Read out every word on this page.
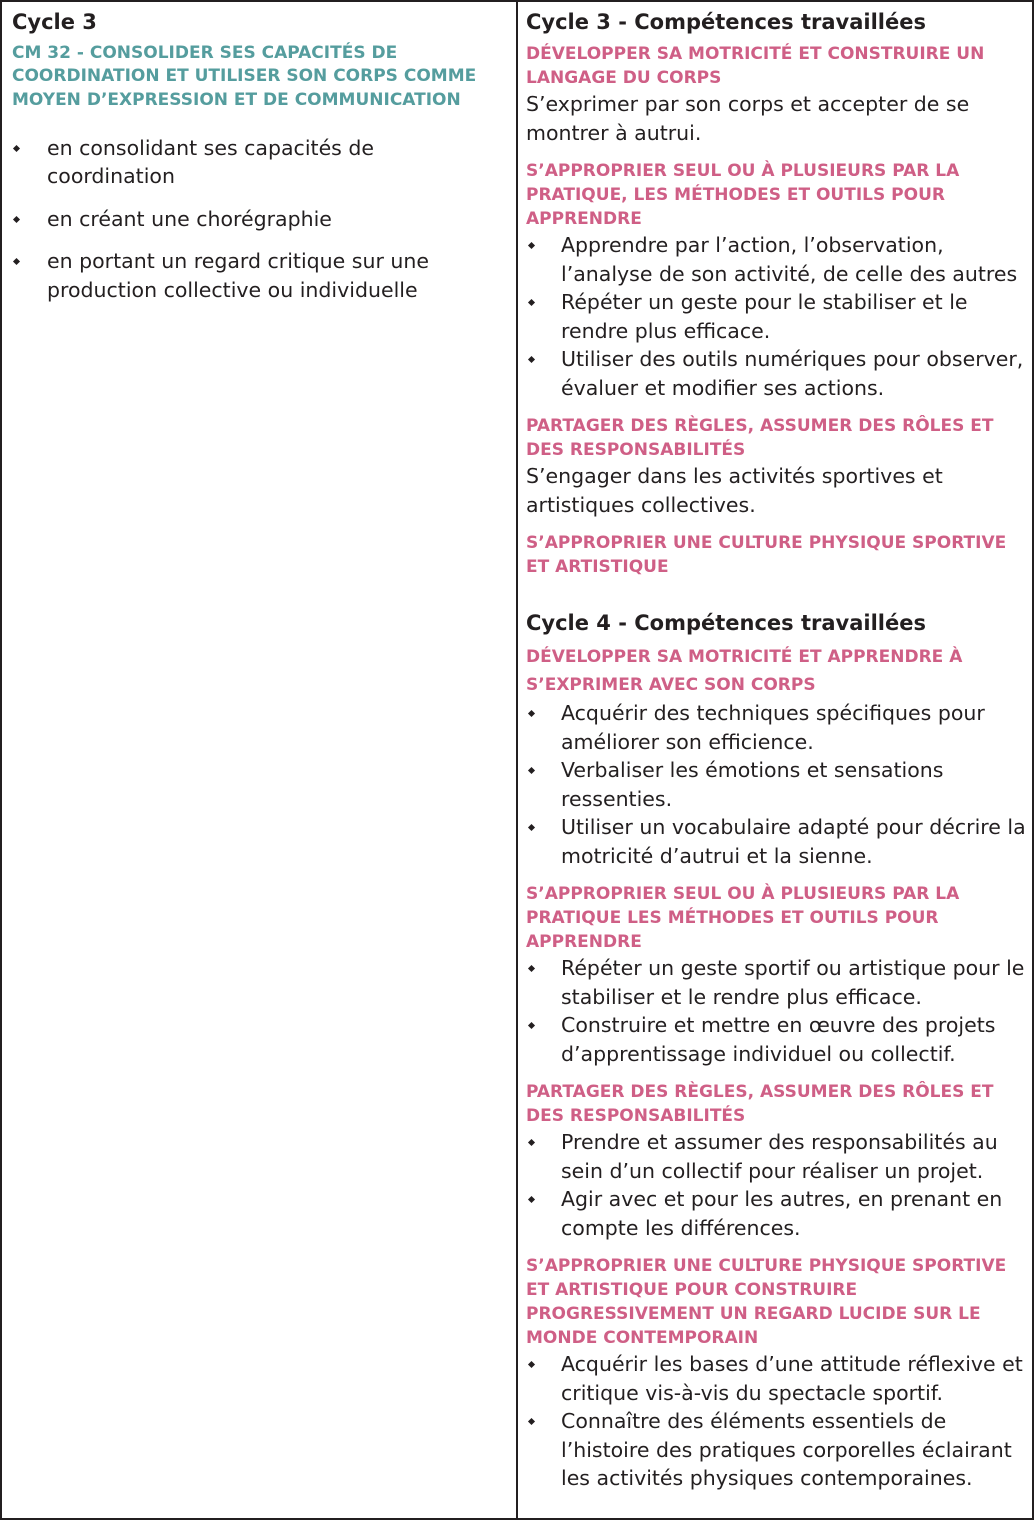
Cycle 3
CM 32 - CONSOLIDER SES CAPACITÉS DE COORDINATION ET UTILISER SON CORPS COMME MOYEN D’EXPRESSION ET DE COMMUNICATION
en consolidant ses capacités de coordination
en créant une chorégraphie
en portant un regard critique sur une production collective ou individuelle
Cycle 3 - Compétences travaillées
DÉVELOPPER SA MOTRICITÉ ET CONSTRUIRE UN LANGAGE DU CORPS

S’exprimer par son corps et accepter de se montrer à autrui.

S’APPROPRIER SEUL OU À PLUSIEURS PAR LA PRATIQUE, LES MÉTHODES ET OUTILS POUR APPRENDRE
Apprendre par l’action, l’observation, l’analyse de son activité, de celle des autres
Répéter un geste pour le stabiliser et le rendre plus efficace.
Utiliser des outils numériques pour observer, évaluer et modifier ses actions.
PARTAGER DES RÈGLES, ASSUMER DES RÔLES ET DES RESPONSABILITÉS

S’engager dans les activités sportives et artistiques collectives.

S’APPROPRIER UNE CULTURE PHYSIQUE SPORTIVE ET ARTISTIQUE
Cycle 4 - Compétences travaillées
DÉVELOPPER SA MOTRICITÉ ET APPRENDRE À S’EXPRIMER AVEC SON CORPS
Acquérir des techniques spécifiques pour améliorer son efficience.
Verbaliser les émotions et sensations ressenties.
Utiliser un vocabulaire adapté pour décrire la motricité d’autrui et la sienne.
S’APPROPRIER SEUL OU À PLUSIEURS PAR LA PRATIQUE LES MÉTHODES ET OUTILS POUR APPRENDRE
Répéter un geste sportif ou artistique pour le stabiliser et le rendre plus efficace.
Construire et mettre en œuvre des projets d’apprentissage individuel ou collectif.
PARTAGER DES RÈGLES, ASSUMER DES RÔLES ET DES RESPONSABILITÉS
Prendre et assumer des responsabilités au sein d’un collectif pour réaliser un projet.
Agir avec et pour les autres, en prenant en compte les différences.
S’APPROPRIER UNE CULTURE PHYSIQUE SPORTIVE ET ARTISTIQUE POUR CONSTRUIRE PROGRESSIVEMENT UN REGARD LUCIDE SUR LE MONDE CONTEMPORAIN
Acquérir les bases d’une attitude réflexive et critique vis-à-vis du spectacle sportif.
Connaître des éléments essentiels de l’histoire des pratiques corporelles éclairant les activités physiques contemporaines.
